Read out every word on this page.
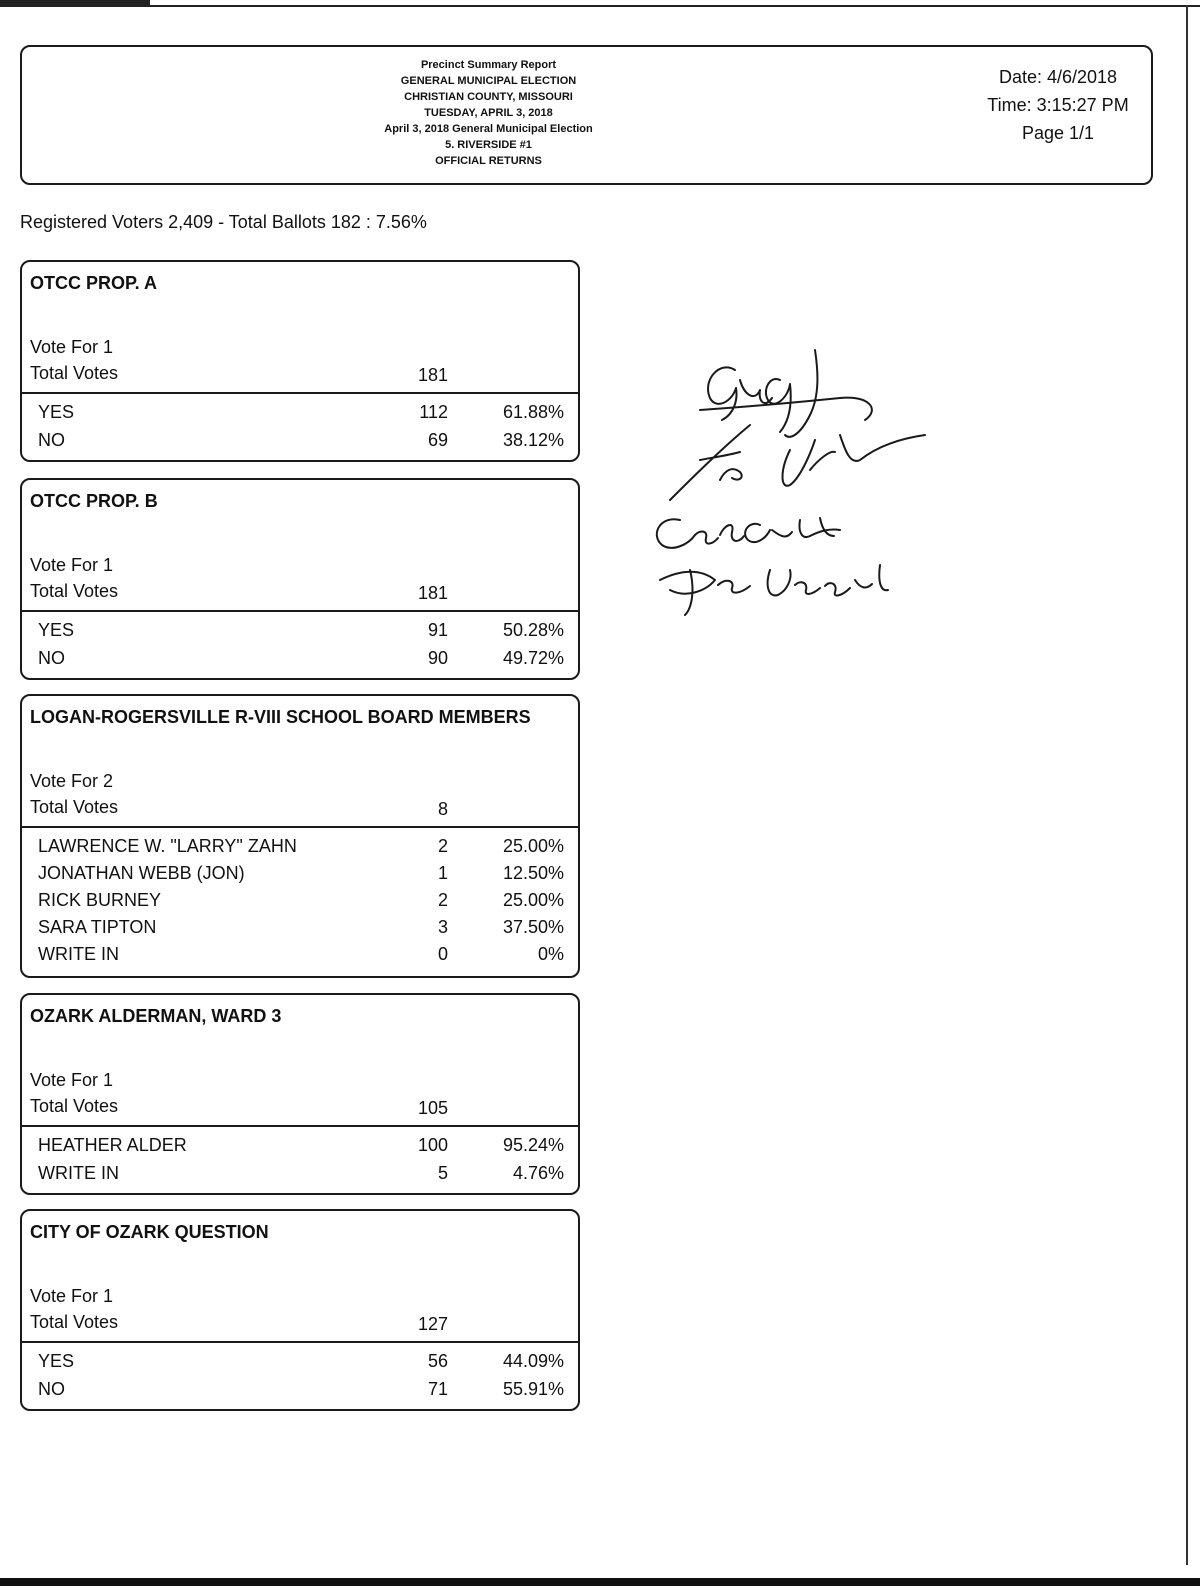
Precinct Summary Report
GENERAL MUNICIPAL ELECTION
CHRISTIAN COUNTY, MISSOURI
TUESDAY, APRIL 3, 2018
April 3, 2018 General Municipal Election
5. RIVERSIDE #1
OFFICIAL RETURNS
Date: 4/6/2018
Time: 3:15:27 PM
Page 1/1
Registered Voters 2,409 - Total Ballots 182 : 7.56%
OTCC PROP. A
Vote For 1
Total Votes	181
YES	112	61.88%
NO	69	38.12%
OTCC PROP. B
Vote For 1
Total Votes	181
YES	91	50.28%
NO	90	49.72%
LOGAN-ROGERSVILLE R-VIII SCHOOL BOARD MEMBERS
Vote For 2
Total Votes	8
LAWRENCE W. "LARRY" ZAHN	2	25.00%
JONATHAN WEBB (JON)	1	12.50%
RICK BURNEY	2	25.00%
SARA TIPTON	3	37.50%
WRITE IN	0	0%
OZARK ALDERMAN, WARD 3
Vote For 1
Total Votes	105
HEATHER ALDER	100	95.24%
WRITE IN	5	4.76%
CITY OF OZARK QUESTION
Vote For 1
Total Votes	127
YES	56	44.09%
NO	71	55.91%
